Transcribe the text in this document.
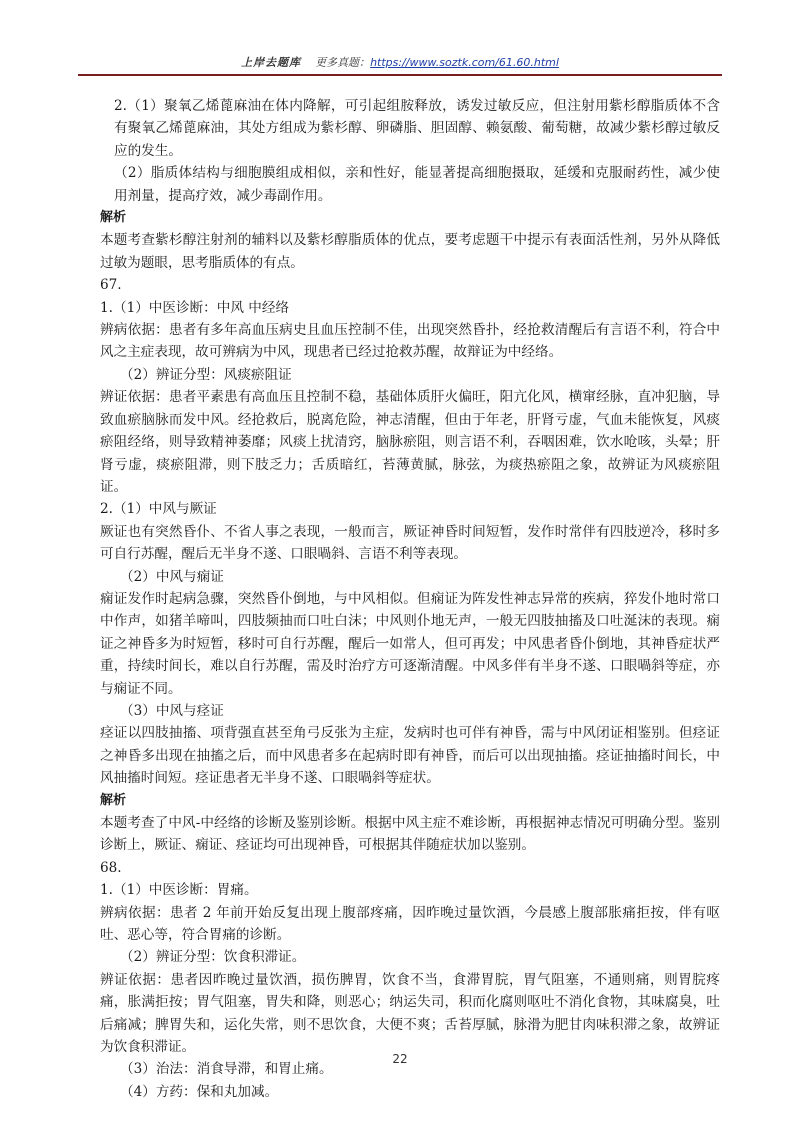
上岸去题库 更多真题：https://www.soztk.com/61.60.html

2.（1）聚氧乙烯蓖麻油在体内降解，可引起组胺释放，诱发过敏反应，但注射用紫杉醇脂质体不含有聚氧乙烯蓖麻油，其处方组成为紫杉醇、卵磷脂、胆固醇、赖氨酸、葡萄糖，故减少紫杉醇过敏反应的发生。

（2）脂质体结构与细胞膜组成相似，亲和性好，能显著提高细胞摄取，延缓和克服耐药性，减少使用剂量，提高疗效，减少毒副作用。

解析

本题考查紫杉醇注射剂的辅料以及紫杉醇脂质体的优点，要考虑题干中提示有表面活性剂，另外从降低过敏为题眼，思考脂质体的有点。

67.

1.（1）中医诊断：中风 中经络

辨病依据：患者有多年高血压病史且血压控制不佳，出现突然昏扑，经抢救清醒后有言语不利，符合中风之主症表现，故可辨病为中风，现患者已经过抢救苏醒，故辩证为中经络。

（2）辨证分型：风痰瘀阻证

辨证依据：患者平素患有高血压且控制不稳，基础体质肝火偏旺，阳亢化风，横窜经脉，直冲犯脑，导致血瘀脑脉而发中风。经抢救后，脱离危险，神志清醒，但由于年老，肝肾亏虚，气血未能恢复，风痰瘀阻经络，则导致精神萎靡；风痰上扰清窍，脑脉瘀阻，则言语不利，吞咽困难，饮水呛咳，头晕；肝肾亏虚，痰瘀阻滞，则下肢乏力；舌质暗红，苔薄黄腻，脉弦，为痰热瘀阻之象，故辨证为风痰瘀阻证。

2.（1）中风与厥证

厥证也有突然昏仆、不省人事之表现，一般而言，厥证神昏时间短暂，发作时常伴有四肢逆冷，移时多可自行苏醒，醒后无半身不遂、口眼喎斜、言语不利等表现。

（2）中风与痫证

痫证发作时起病急骤，突然昏仆倒地，与中风相似。但痫证为阵发性神志异常的疾病，猝发仆地时常口中作声，如猪羊啼叫，四肢频抽而口吐白沫；中风则仆地无声，一般无四肢抽搐及口吐涎沫的表现。痫证之神昏多为时短暂，移时可自行苏醒，醒后一如常人，但可再发；中风患者昏仆倒地，其神昏症状严重，持续时间长，难以自行苏醒，需及时治疗方可逐渐清醒。中风多伴有半身不遂、口眼喎斜等症，亦与痫证不同。

（3）中风与痉证

痉证以四肢抽搐、项背强直甚至角弓反张为主症，发病时也可伴有神昏，需与中风闭证相鉴别。但痉证之神昏多出现在抽搐之后，而中风患者多在起病时即有神昏，而后可以出现抽搐。痉证抽搐时间长，中风抽搐时间短。痉证患者无半身不遂、口眼喎斜等症状。

解析

本题考查了中风-中经络的诊断及鉴别诊断。根据中风主症不难诊断，再根据神志情况可明确分型。鉴别诊断上，厥证、痫证、痉证均可出现神昏，可根据其伴随症状加以鉴别。

68.

1.（1）中医诊断：胃痛。

辨病依据：患者 2 年前开始反复出现上腹部疼痛，因昨晚过量饮酒，今晨感上腹部胀痛拒按，伴有呕吐、恶心等，符合胃痛的诊断。

（2）辨证分型：饮食积滞证。

辨证依据：患者因昨晚过量饮酒，损伤脾胃，饮食不当，食滞胃脘，胃气阻塞，不通则痛，则胃脘疼痛，胀满拒按；胃气阻塞，胃失和降，则恶心；纳运失司，积而化腐则呕吐不消化食物，其味腐臭，吐后痛减；脾胃失和，运化失常，则不思饮食，大便不爽；舌苔厚腻，脉滑为肥甘肉味积滞之象，故辨证为饮食积滞证。

（3）治法：消食导滞，和胃止痛。

（4）方药：保和丸加减。

22
